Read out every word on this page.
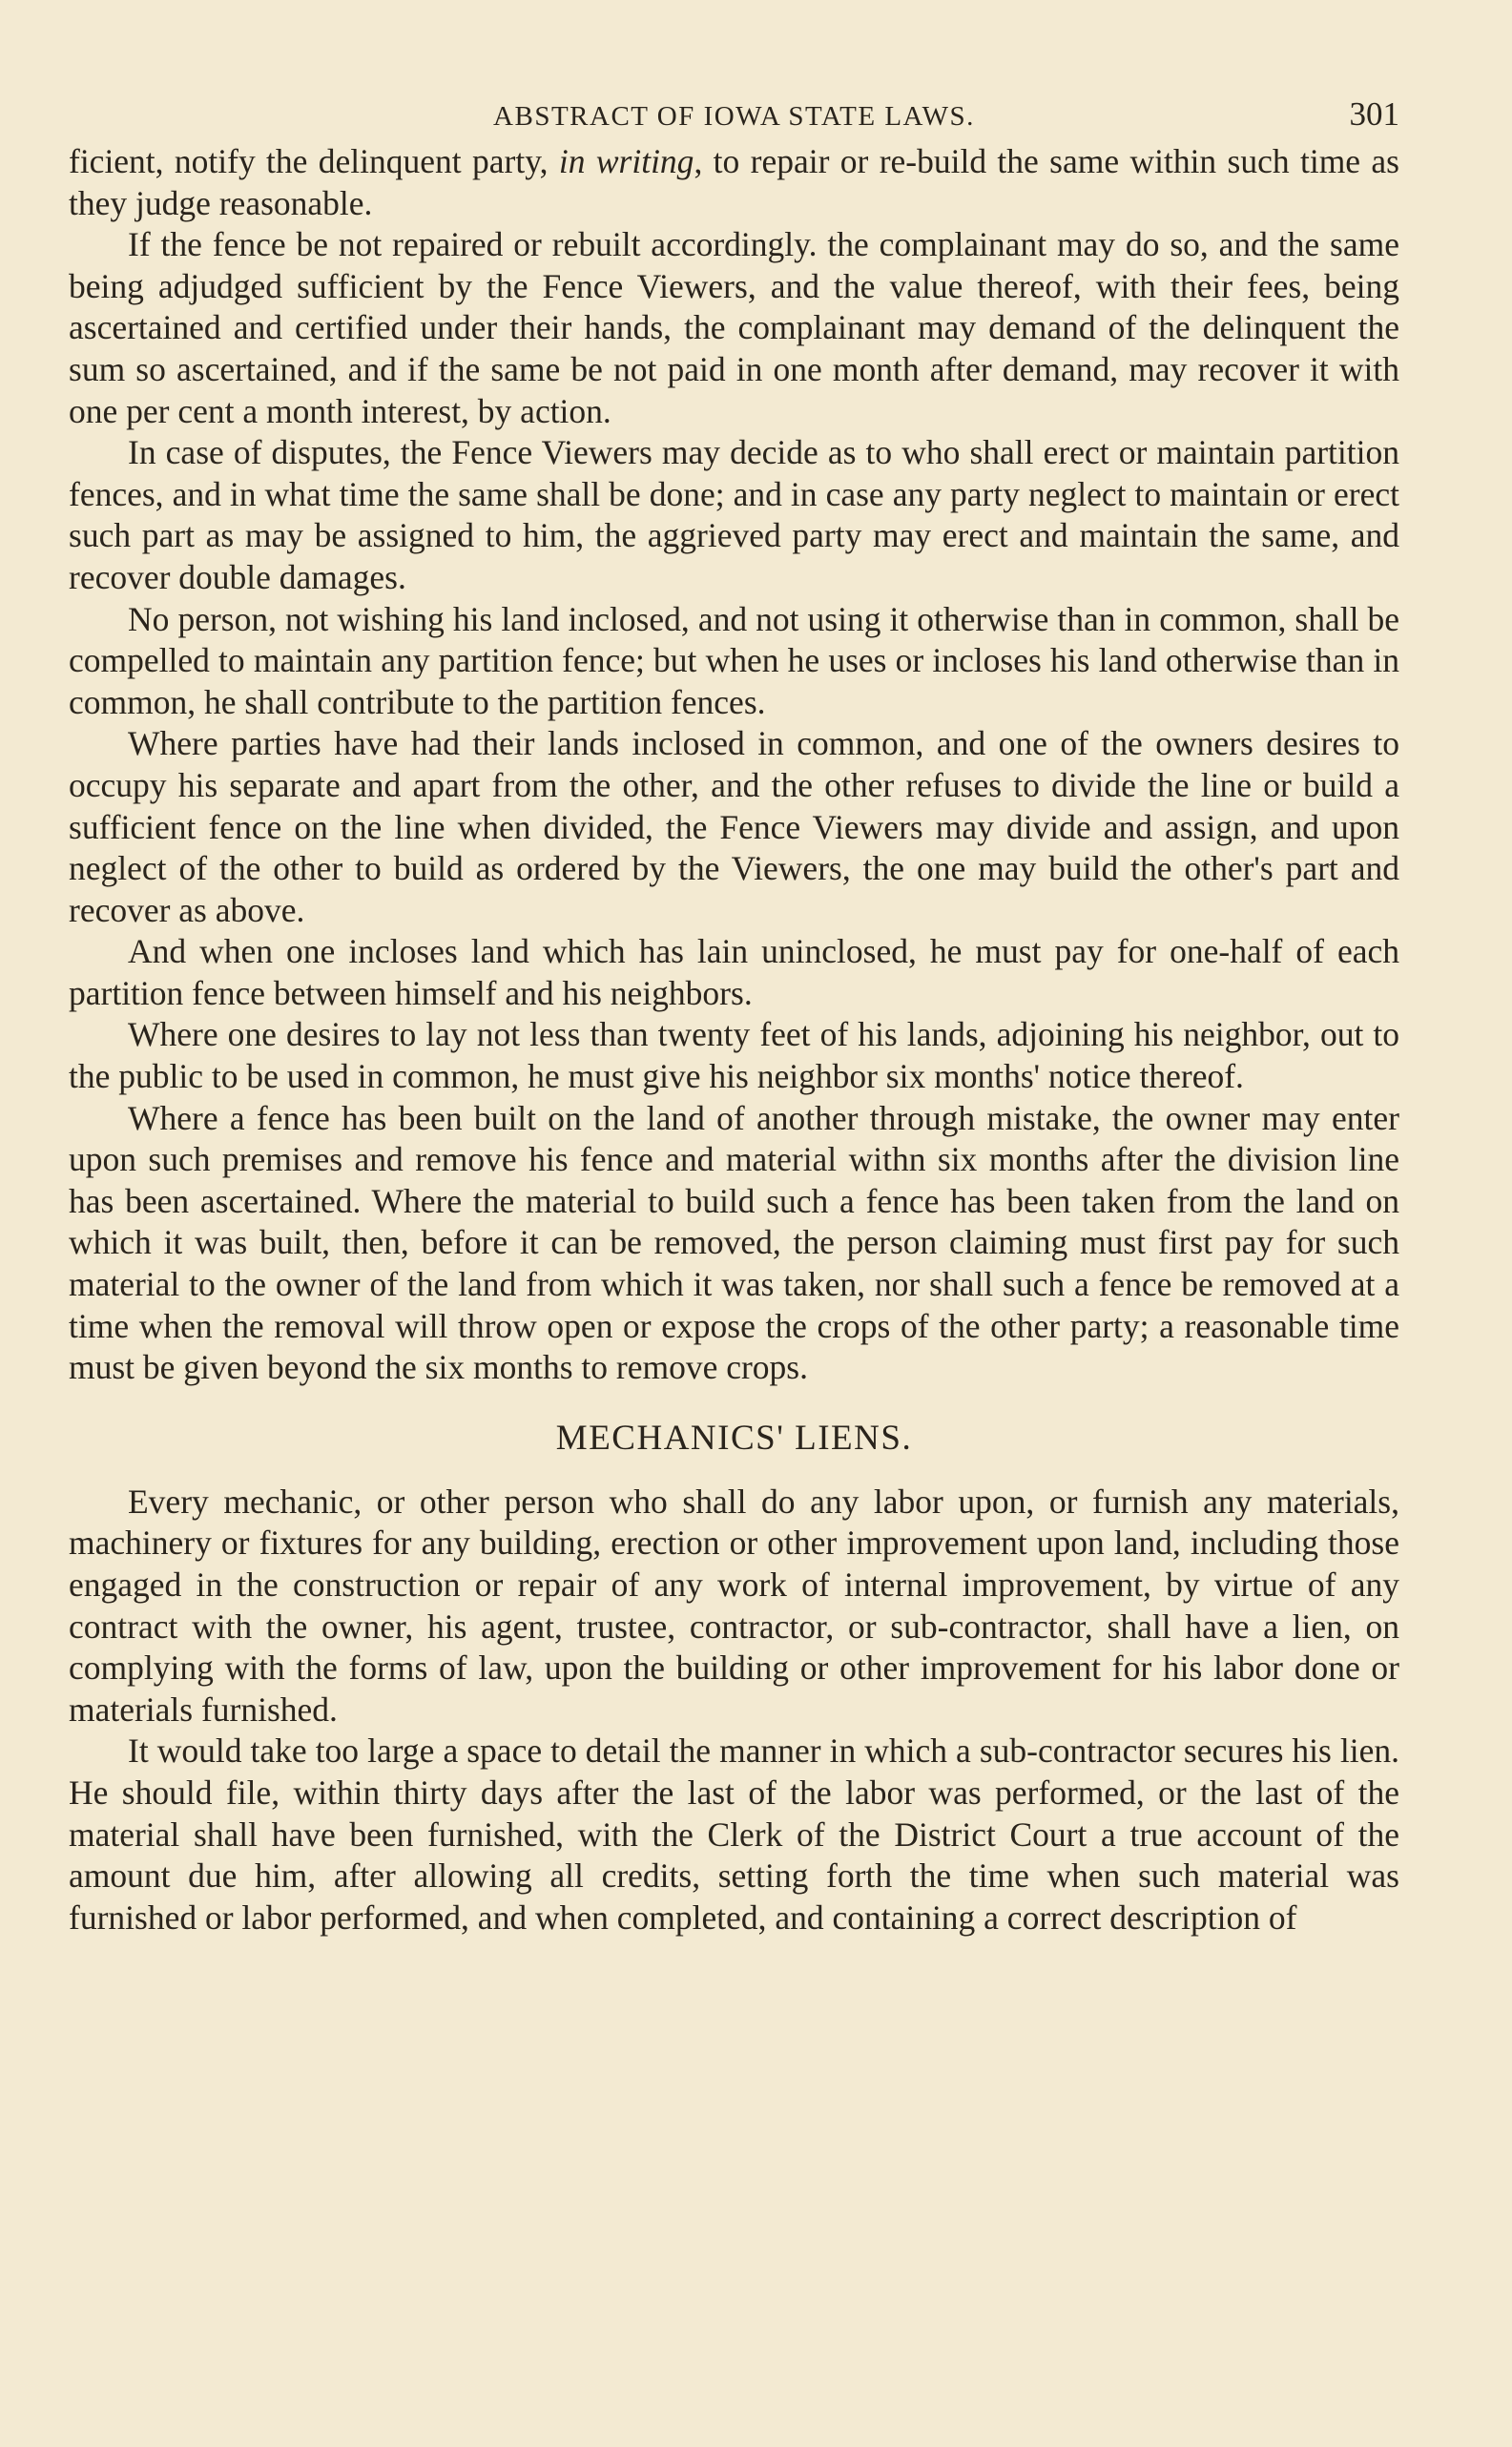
ABSTRACT OF IOWA STATE LAWS.	301

ficient, notify the delinquent party, in writing, to repair or re-build the same within such time as they judge reasonable.

If the fence be not repaired or rebuilt accordingly. the complainant may do so, and the same being adjudged sufficient by the Fence Viewers, and the value thereof, with their fees, being ascertained and certified under their hands, the complainant may demand of the delinquent the sum so ascertained, and if the same be not paid in one month after demand, may recover it with one per cent a month interest, by action.

In case of disputes, the Fence Viewers may decide as to who shall erect or maintain partition fences, and in what time the same shall be done; and in case any party neglect to maintain or erect such part as may be assigned to him, the aggrieved party may erect and maintain the same, and recover double damages.

No person, not wishing his land inclosed, and not using it otherwise than in common, shall be compelled to maintain any partition fence; but when he uses or incloses his land otherwise than in common, he shall contribute to the partition fences.

Where parties have had their lands inclosed in common, and one of the owners desires to occupy his separate and apart from the other, and the other refuses to divide the line or build a sufficient fence on the line when divided, the Fence Viewers may divide and assign, and upon neglect of the other to build as ordered by the Viewers, the one may build the other's part and recover as above.

And when one incloses land which has lain uninclosed, he must pay for one-half of each partition fence between himself and his neighbors.

Where one desires to lay not less than twenty feet of his lands, adjoining his neighbor, out to the public to be used in common, he must give his neighbor six months' notice thereof.

Where a fence has been built on the land of another through mistake, the owner may enter upon such premises and remove his fence and material withn six months after the division line has been ascertained. Where the material to build such a fence has been taken from the land on which it was built, then, before it can be removed, the person claiming must first pay for such material to the owner of the land from which it was taken, nor shall such a fence be removed at a time when the removal will throw open or expose the crops of the other party; a reasonable time must be given beyond the six months to remove crops.

MECHANICS' LIENS.

Every mechanic, or other person who shall do any labor upon, or furnish any materials, machinery or fixtures for any building, erection or other improvement upon land, including those engaged in the construction or repair of any work of internal improvement, by virtue of any contract with the owner, his agent, trustee, contractor, or sub-contractor, shall have a lien, on complying with the forms of law, upon the building or other improvement for his labor done or materials furnished.

It would take too large a space to detail the manner in which a sub-contractor secures his lien. He should file, within thirty days after the last of the labor was performed, or the last of the material shall have been furnished, with the Clerk of the District Court a true account of the amount due him, after allowing all credits, setting forth the time when such material was furnished or labor performed, and when completed, and containing a correct description of
